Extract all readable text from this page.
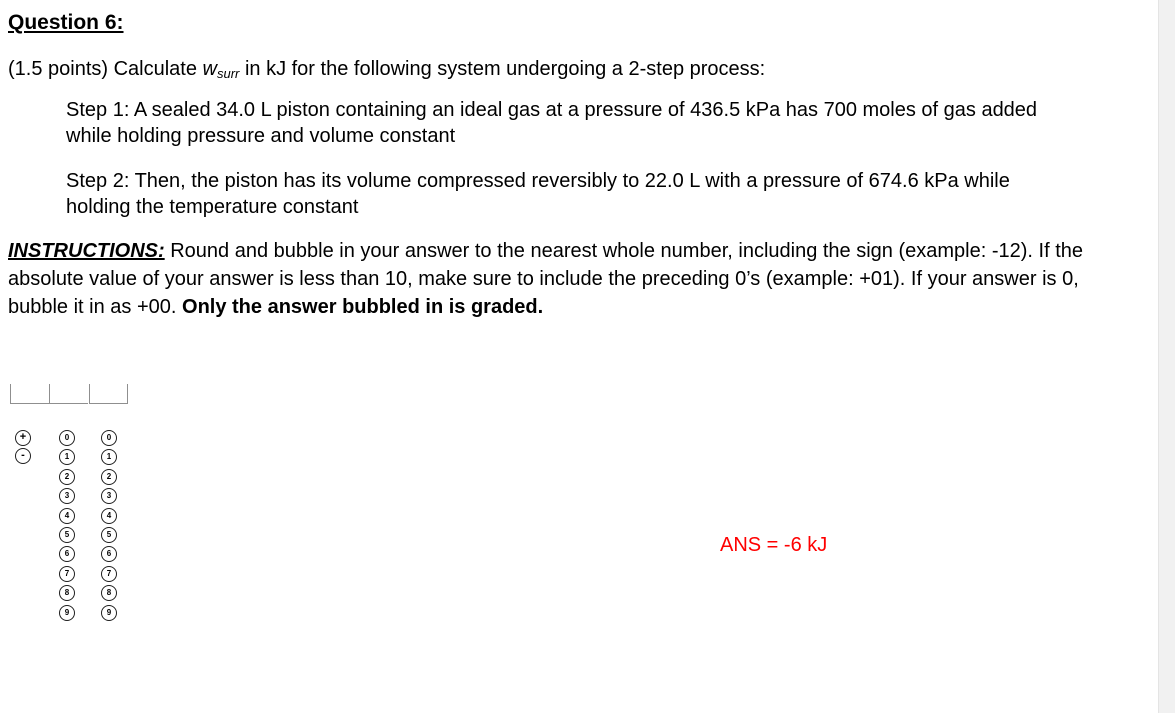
Question 6:
(1.5 points) Calculate $w_{surr}$ in kJ for the following system undergoing a 2-step process:
Step 1: A sealed 34.0 L piston containing an ideal gas at a pressure of 436.5 kPa has 700 moles of gas added while holding pressure and volume constant
Step 2: Then, the piston has its volume compressed reversibly to 22.0 L with a pressure of 674.6 kPa while holding the temperature constant
INSTRUCTIONS: Round and bubble in your answer to the nearest whole number, including the sign (example: -12). If the absolute value of your answer is less than 10, make sure to include the preceding 0’s (example: +01). If your answer is 0, bubble it in as +00. Only the answer bubbled in is graded.
+
-
0
1
2
3
4
5
6
7
8
9
0
1
2
3
4
5
6
7
8
9
ANS = -6 kJ
